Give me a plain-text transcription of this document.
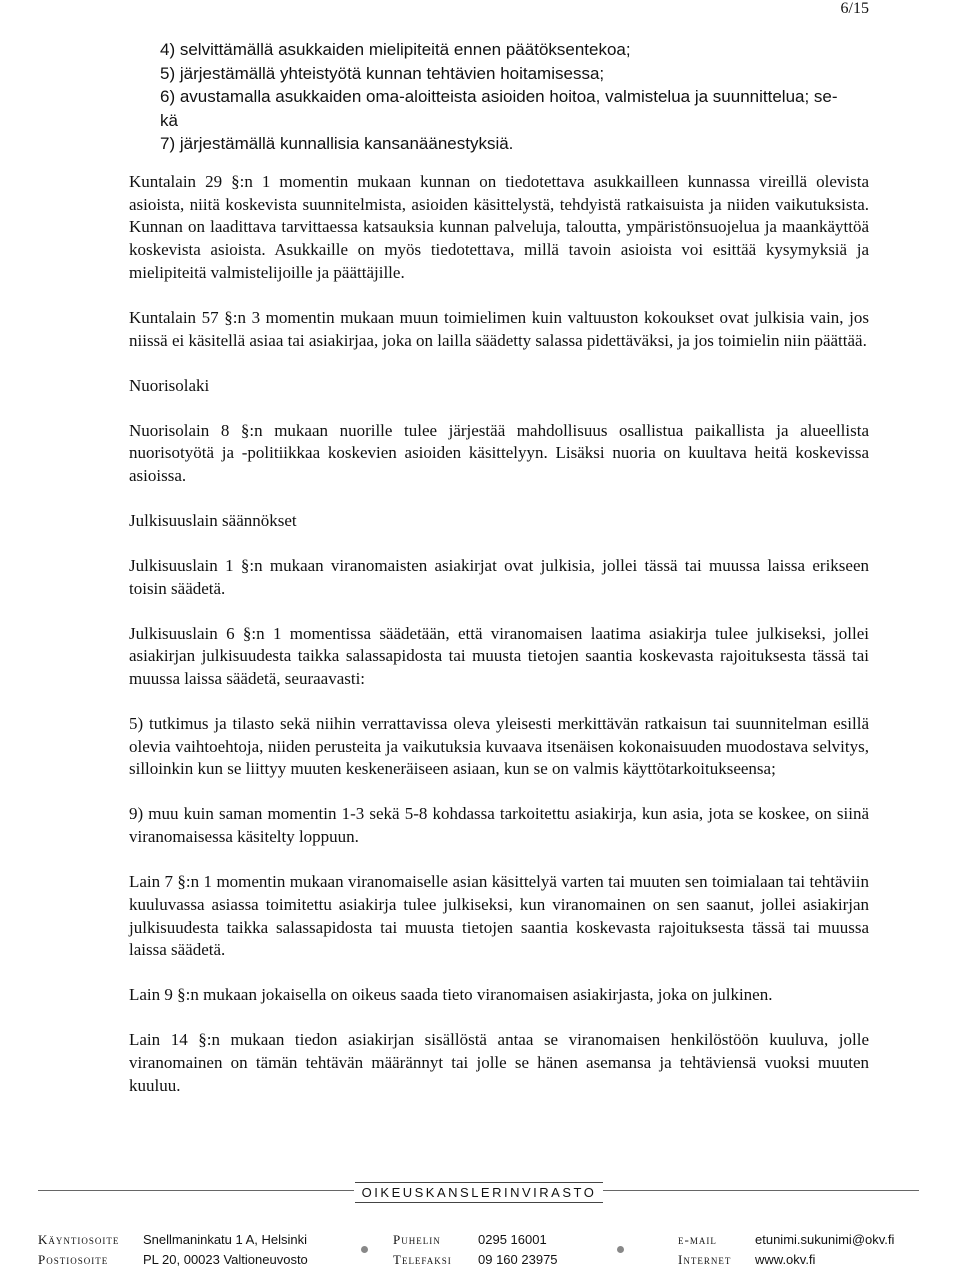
6/15
4) selvittämällä asukkaiden mielipiteitä ennen päätöksentekoa;
5) järjestämällä yhteistyötä kunnan tehtävien hoitamisessa;
6) avustamalla asukkaiden oma-aloitteista asioiden hoitoa, valmistelua ja suunnittelua; se-
kä
7) järjestämällä kunnallisia kansanäänestyksiä.

Kuntalain 29 §:n 1 momentin mukaan kunnan on tiedotettava asukkailleen kunnassa vireillä olevista asioista, niitä koskevista suunnitelmista, asioiden käsittelystä, tehdyistä ratkaisuista ja niiden vaikutuksista. Kunnan on laadittava tarvittaessa katsauksia kunnan palveluja, taloutta, ympäristönsuojelua ja maankäyttöä koskevista asioista. Asukkaille on myös tiedotettava, millä tavoin asioista voi esittää kysymyksiä ja mielipiteitä valmistelijoille ja päättäjille.

Kuntalain 57 §:n 3 momentin mukaan muun toimielimen kuin valtuuston kokoukset ovat julkisia vain, jos niissä ei käsitellä asiaa tai asiakirjaa, joka on lailla säädetty salassa pidettäväksi, ja jos toimielin niin päättää.

Nuorisolaki

Nuorisolain 8 §:n mukaan nuorille tulee järjestää mahdollisuus osallistua paikallista ja alueellista nuorisotyötä ja -politiikkaa koskevien asioiden käsittelyyn. Lisäksi nuoria on kuultava heitä koskevissa asioissa.

Julkisuuslain säännökset

Julkisuuslain 1 §:n mukaan viranomaisten asiakirjat ovat julkisia, jollei tässä tai muussa laissa erikseen toisin säädetä.

Julkisuuslain 6 §:n 1 momentissa säädetään, että viranomaisen laatima asiakirja tulee julkiseksi, jollei asiakirjan julkisuudesta taikka salassapidosta tai muusta tietojen saantia koskevasta rajoituksesta tässä tai muussa laissa säädetä, seuraavasti:

5) tutkimus ja tilasto sekä niihin verrattavissa oleva yleisesti merkittävän ratkaisun tai suunnitelman esillä olevia vaihtoehtoja, niiden perusteita ja vaikutuksia kuvaava itsenäisen kokonaisuuden muodostava selvitys, silloinkin kun se liittyy muuten keskeneräiseen asiaan, kun se on valmis käyttötarkoitukseensa;

9) muu kuin saman momentin 1-3 sekä 5-8 kohdassa tarkoitettu asiakirja, kun asia, jota se koskee, on siinä viranomaisessa käsitelty loppuun.

Lain 7 §:n 1 momentin mukaan viranomaiselle asian käsittelyä varten tai muuten sen toimialaan tai tehtäviin kuuluvassa asiassa toimitettu asiakirja tulee julkiseksi, kun viranomainen on sen saanut, jollei asiakirjan julkisuudesta taikka salassapidosta tai muusta tietojen saantia koskevasta rajoituksesta tässä tai muussa laissa säädetä.

Lain 9 §:n mukaan jokaisella on oikeus saada tieto viranomaisen asiakirjasta, joka on julkinen.

Lain 14 §:n mukaan tiedon asiakirjan sisällöstä antaa se viranomaisen henkilöstöön kuuluva, jolle viranomainen on tämän tehtävän määrännyt tai jolle se hänen asemansa ja tehtäviensä vuoksi muuten kuuluu.

OIKEUSKANSLERINVIRASTO
Käyntiosoite Snellmaninkatu 1 A, Helsinki
Postiosoite	PL 20, 00023 Valtioneuvosto
Puhelin	0295 16001
Telefaksi 09 160 23975
e-mail	etunimi.sukunimi@okv.fi
Internet www.okv.fi
